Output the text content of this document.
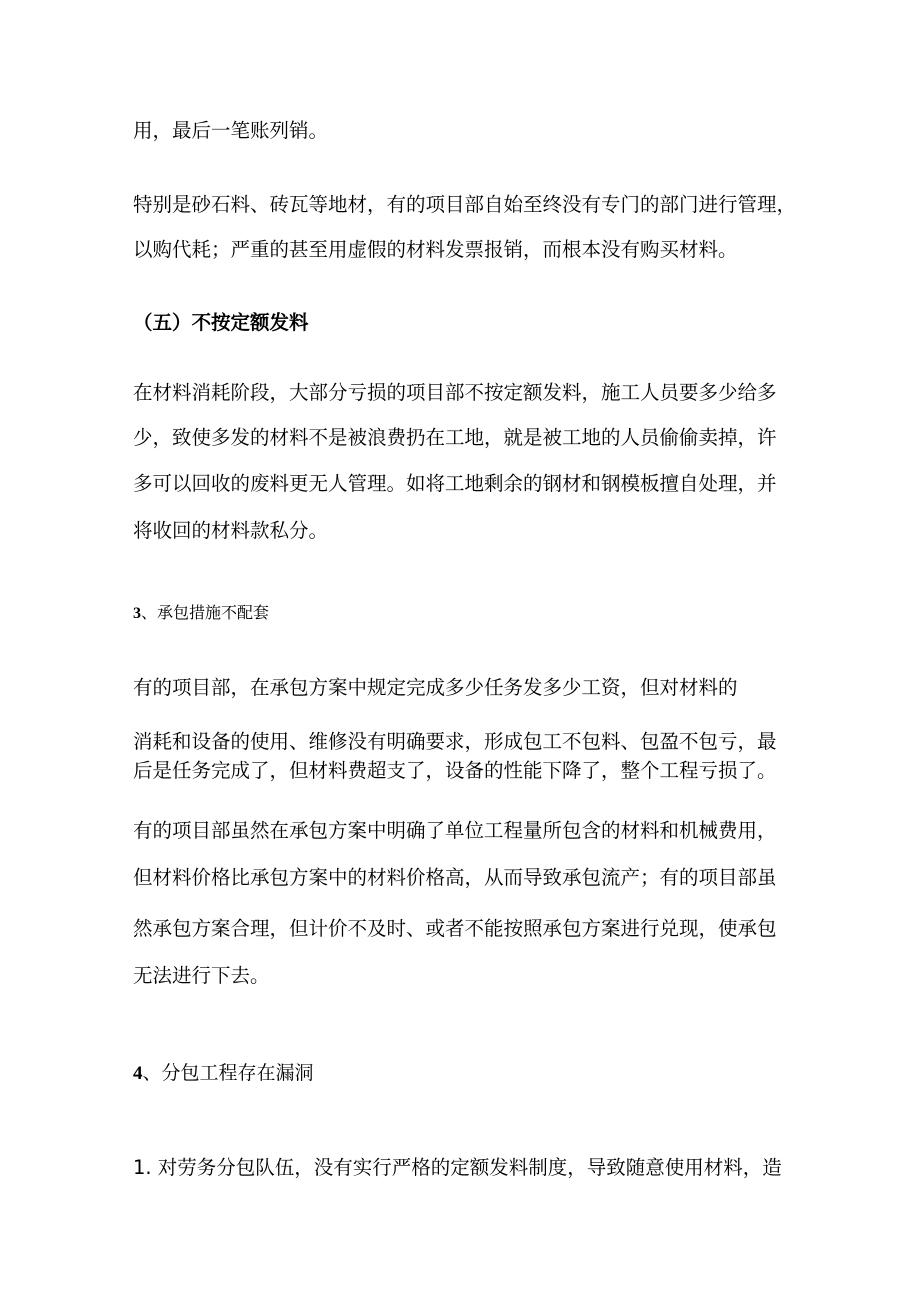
用，最后一笔账列销。
特别是砂石料、砖瓦等地材，有的项目部自始至终没有专门的部门进行管理，
以购代耗；严重的甚至用虚假的材料发票报销，而根本没有购买材料。
（五）不按定额发料
在材料消耗阶段，大部分亏损的项目部不按定额发料，施工人员要多少给多
少，致使多发的材料不是被浪费扔在工地，就是被工地的人员偷偷卖掉，许
多可以回收的废料更无人管理。如将工地剩余的钢材和钢模板擅自处理，并
将收回的材料款私分。
3、承包措施不配套
有的项目部，在承包方案中规定完成多少任务发多少工资，但对材料的
消耗和设备的使用、维修没有明确要求，形成包工不包料、包盈不包亏，最
后是任务完成了，但材料费超支了，设备的性能下降了，整个工程亏损了。
有的项目部虽然在承包方案中明确了单位工程量所包含的材料和机械费用，
但材料价格比承包方案中的材料价格高，从而导致承包流产；有的项目部虽
然承包方案合理，但计价不及时、或者不能按照承包方案进行兑现，使承包
无法进行下去。
4、分包工程存在漏洞
1. 对劳务分包队伍，没有实行严格的定额发料制度，导致随意使用材料，造
